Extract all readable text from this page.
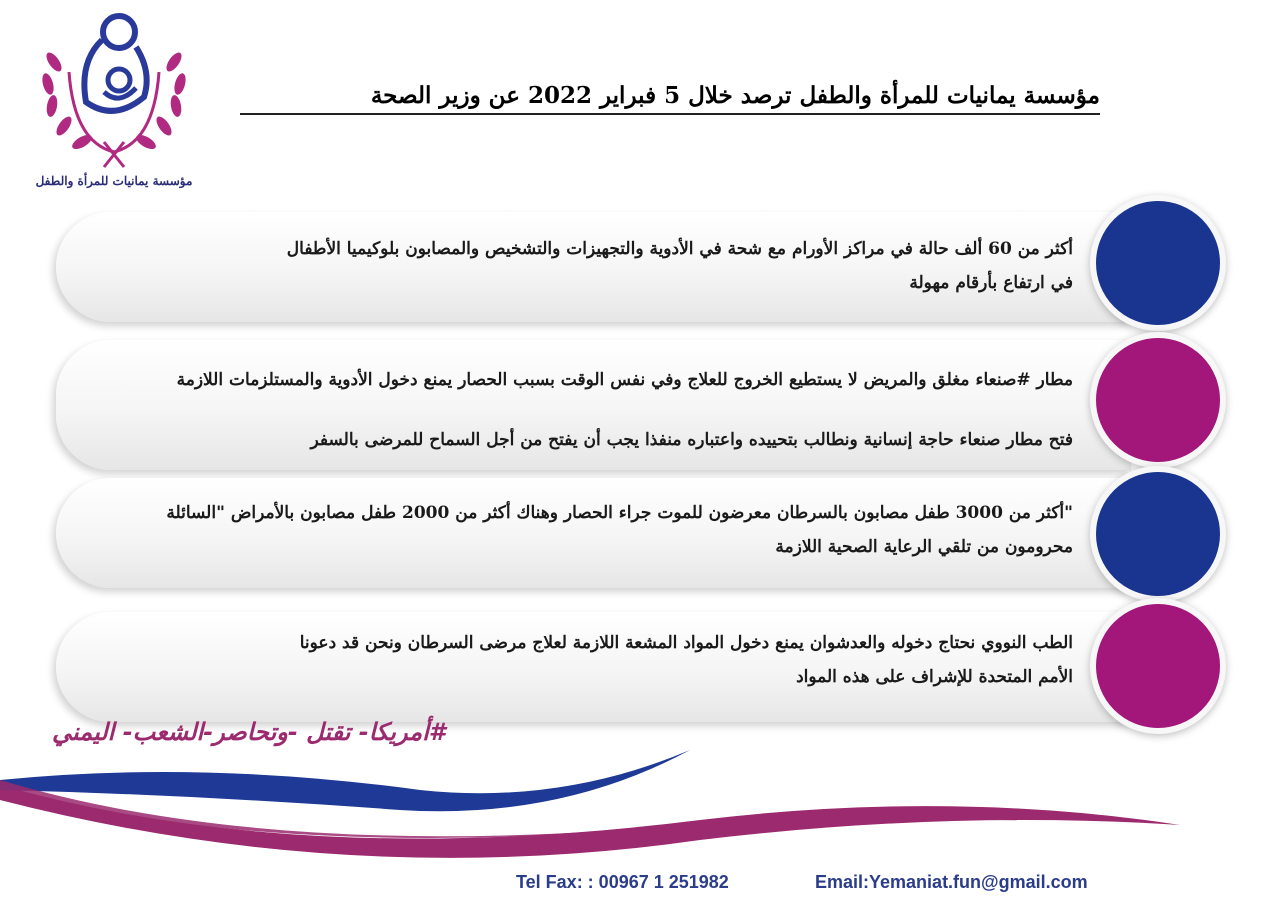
مؤسسة يمانيات للمرأة والطفل
مؤسسة يمانيات للمرأة والطفل ترصد خلال 5 فبراير 2022 عن وزير الصحة
أكثر من 60 ألف حالة في مراكز الأورام مع شحة في الأدوية والتجهيزات والتشخيص والمصابون بلوكيميا الأطفال
في ارتفاع بأرقام مهولة
مطار #صنعاء مغلق والمريض لا يستطيع الخروج للعلاج وفي نفس الوقت بسبب الحصار يمنع دخول الأدوية والمستلزمات اللازمة
فتح مطار صنعاء حاجة إنسانية ونطالب بتحييده واعتباره منفذا يجب أن يفتح من أجل السماح للمرضى بالسفر
"أكثر من 3000 طفل مصابون بالسرطان معرضون للموت جراء الحصار وهناك أكثر من 2000 طفل مصابون بالأمراض "السائلة
محرومون من تلقي الرعاية الصحية اللازمة
الطب النووي نحتاج دخوله والعدشوان يمنع دخول المواد المشعة اللازمة لعلاج مرضى السرطان ونحن قد دعونا
الأمم المتحدة للإشراف على هذه المواد
#أمريكا- تقتل -وتحاصر-الشعب- اليمني
Tel Fax: : 00967 1 251982	Email:Yemaniat.fun@gmail.com
